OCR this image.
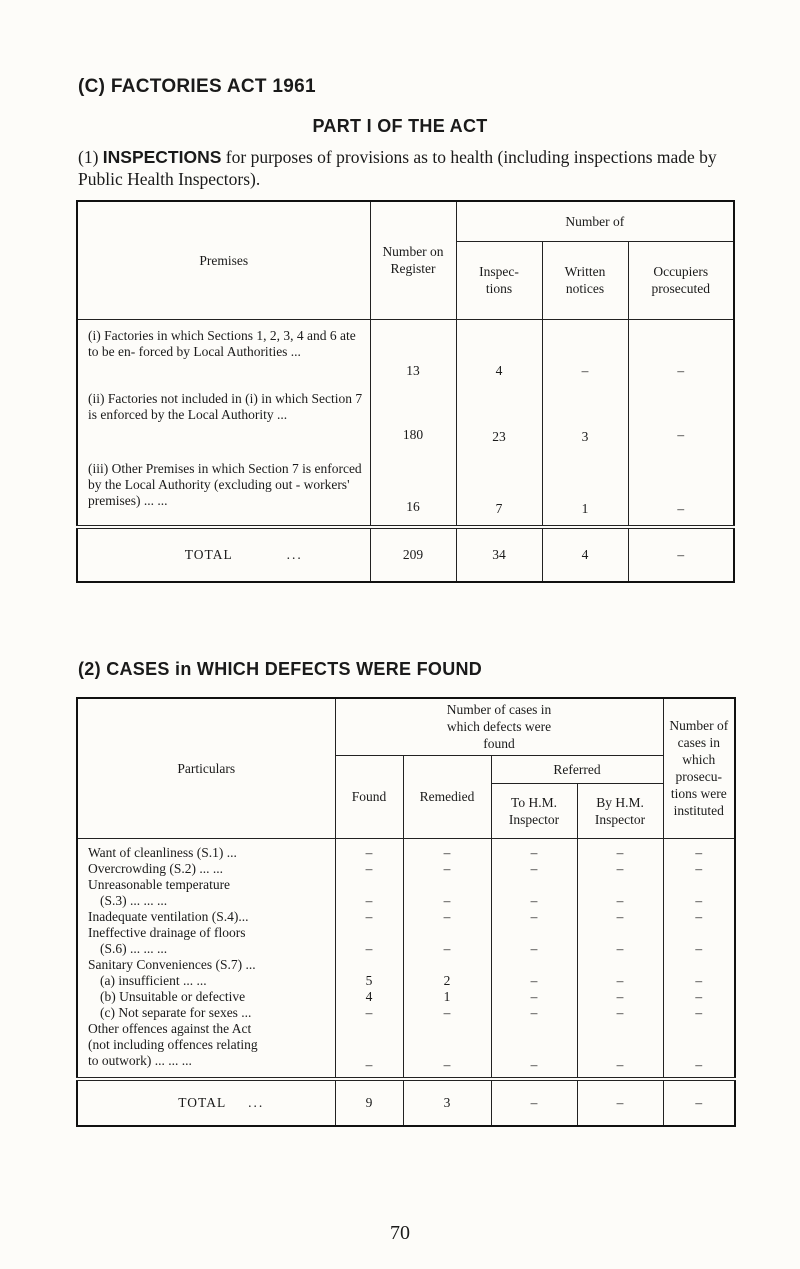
(C) FACTORIES ACT 1961
PART I OF THE ACT
(1) INSPECTIONS for purposes of provisions as to health (including inspections made by Public Health Inspectors).
Premises	Number on Register	Number of		
		Inspec- tions	Written notices	Occupiers prosecuted
(i) Factories in which Sections 1, 2, 3, 4 and 6 ate to be en- forced by Local Authorities ...	13	4	–	–
(ii) Factories not included in (i) in which Section 7 is enforced by the Local Authority ...	180	23	3	–
(iii) Other Premises in which Section 7 is enforced by the Local Authority (excluding out - workers' premises) ... ...	16	7	1	–
TOTAL ...	209	34	4	–
(2) CASES in WHICH DEFECTS WERE FOUND
Particulars	Number of cases in which defects were found				Number of cases in which prosecu- tions were instituted
	Found	Remedied	Referred		
			To H.M. Inspector	By H.M. Inspector	
Want of cleanliness (S.1) ...	–	–	–	–	–
Overcrowding (S.2) ... ...	–	–	–	–	–
Unreasonable temperature					
(S.3) ... ... ...	–	–	–	–	–
Inadequate ventilation (S.4)...	–	–	–	–	–
Ineffective drainage of floors					
(S.6) ... ... ...	–	–	–	–	–
Sanitary Conveniences (S.7) ...					
(a) insufficient ... ...	5	2	–	–	–
(b) Unsuitable or defective	4	1	–	–	–
(c) Not separate for sexes ...	–	–	–	–	–
Other offences against the Act					
(not including offences relating					
to outwork) ... ... ...	–	–	–	–	–
TOTAL ...	9	3	–	–	–
70
